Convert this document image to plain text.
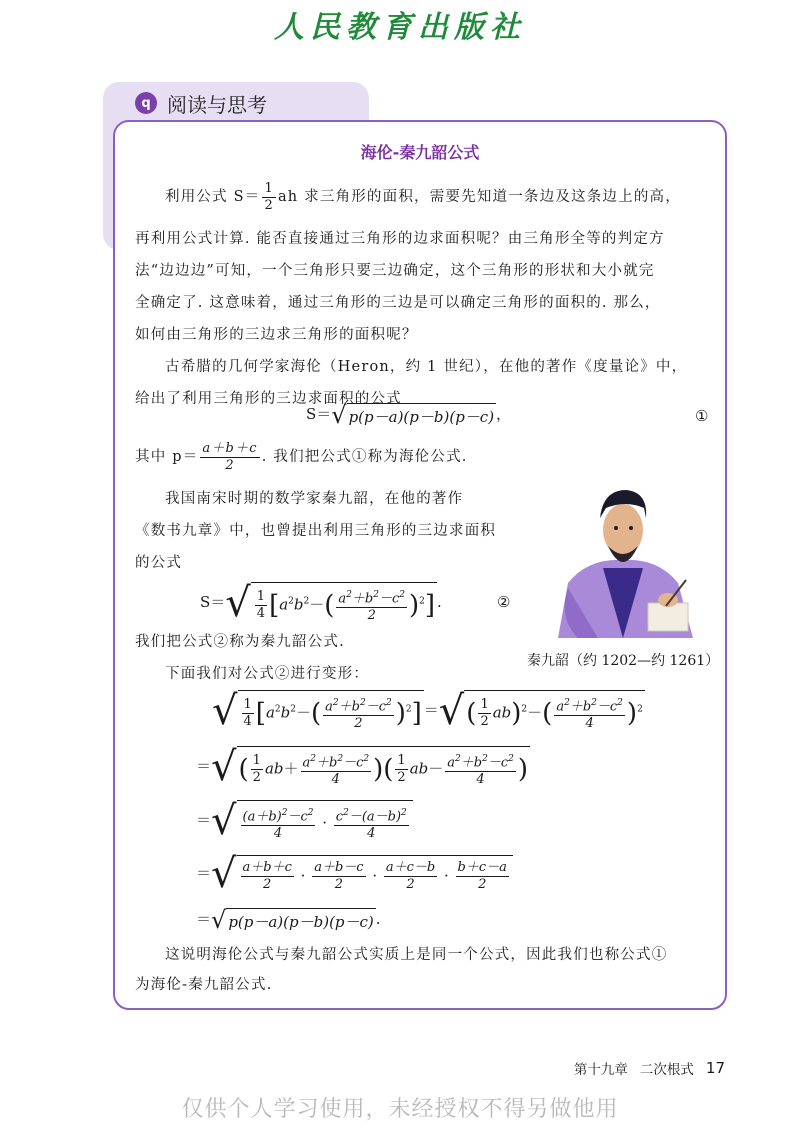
人民教育出版社
q 阅读与思考
海伦-秦九韶公式
利用公式 $S= \frac{1}{2}$ ah 求三角形的面积，需要先知道一条边及这条边上的高，
再利用公式计算. 能否直接通过三角形的边求面积呢？由三角形全等的判定方
法“边边边”可知，一个三角形只要三边确定，这个三角形的形状和大小就完
全确定了. 这意味着，通过三角形的三边是可以确定三角形的面积的. 那么，
如何由三角形的三边求三角形的面积呢？
古希腊的几何学家海伦（Heron，约 1 世纪），在他的著作《度量论》中，
给出了利用三角形的三边求面积的公式
S＝√ p(p－a)(p－b)(p－c) ，	①
其中 $p= \frac{a+b+c}{2}$ . 我们把公式①称为海伦公式.
我国南宋时期的数学家秦九韶，在他的著作
《数书九章》中，也曾提出利用三角形的三边求面积
的公式
$S=√ \frac{1}{4} [a^2b^2-( \frac{a^2+b^2-c^2}{2} )^2]$ .	②
我们把公式②称为秦九韶公式.
下面我们对公式②进行变形：
秦九韶（约 1202—约 1261）
√ $\frac{1}{4} [a^2b^2-( \frac{a^2+b^2-c^2}{2} )^2]$ ＝√( $\frac{1}{2} ab)^2-( \frac{a^2+b^2-c^2}{4} )^2$
＝√( $\frac{1}{2} ab+ \frac{a^2+b^2-c^2}{4}$ )( $\frac{1}{2} ab- \frac{a^2+b^2-c^2}{4}$ )
＝√ $\frac{(a+b)^2-c^2}{4} \cdot \frac{c^2-(a-b)^2}{4}$
＝√ $\frac{a+b+c}{2} \cdot \frac{a+b-c}{2} \cdot \frac{a+c-b}{2} \cdot \frac{b+c-a}{2}$
＝√ p(p－a)(p－b)(p－c) .
这说明海伦公式与秦九韶公式实质上是同一个公式，因此我们也称公式①
为海伦-秦九韶公式.
第十九章 二次根式 17
仅供个人学习使用，未经授权不得另做他用
